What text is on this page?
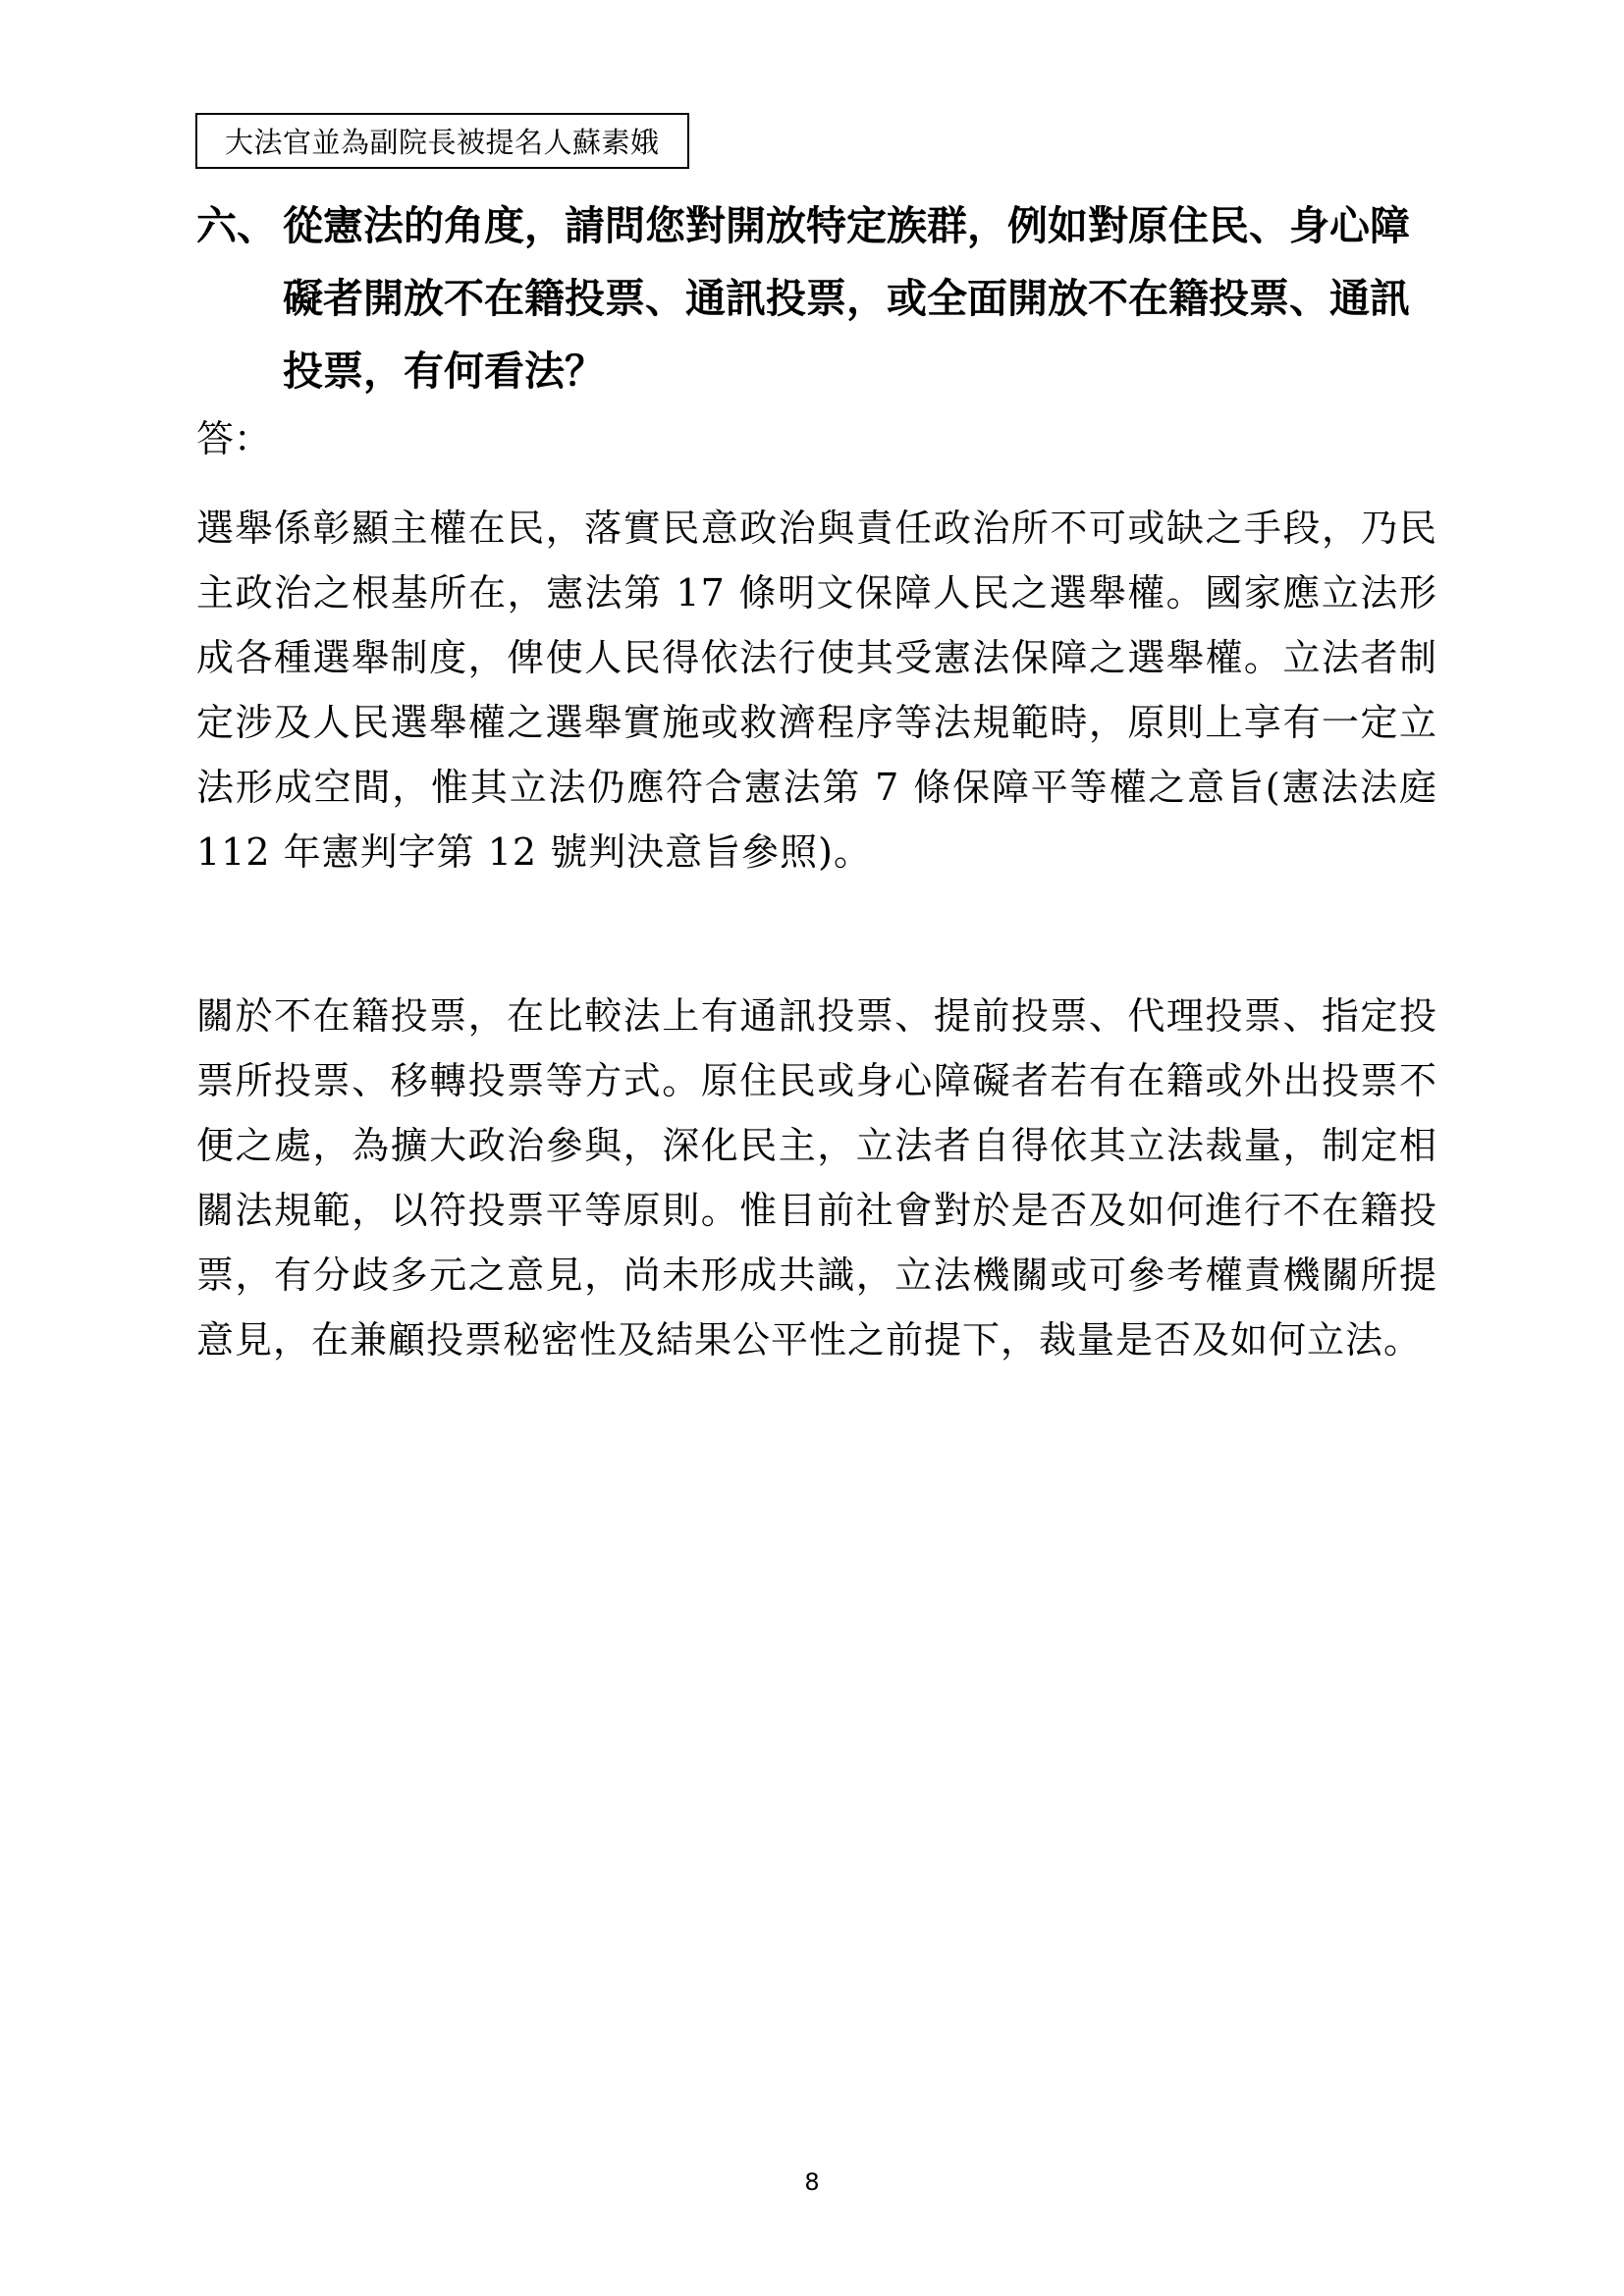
大法官並為副院長被提名人蘇素娥
六、 從憲法的角度，請問您對開放特定族群，例如對原住民、身心障礙者開放不在籍投票、通訊投票，或全面開放不在籍投票、通訊投票，有何看法？
答：
選舉係彰顯主權在民，落實民意政治與責任政治所不可或缺之手段，乃民主政治之根基所在，憲法第 17 條明文保障人民之選舉權。國家應立法形成各種選舉制度，俾使人民得依法行使其受憲法保障之選舉權。立法者制定涉及人民選舉權之選舉實施或救濟程序等法規範時，原則上享有一定立法形成空間，惟其立法仍應符合憲法第 7 條保障平等權之意旨(憲法法庭 112 年憲判字第 12 號判決意旨參照)。
關於不在籍投票，在比較法上有通訊投票、提前投票、代理投票、指定投票所投票、移轉投票等方式。原住民或身心障礙者若有在籍或外出投票不便之處，為擴大政治參與，深化民主，立法者自得依其立法裁量，制定相關法規範，以符投票平等原則。惟目前社會對於是否及如何進行不在籍投票，有分歧多元之意見，尚未形成共識，立法機關或可參考權責機關所提意見，在兼顧投票秘密性及結果公平性之前提下，裁量是否及如何立法。
8
